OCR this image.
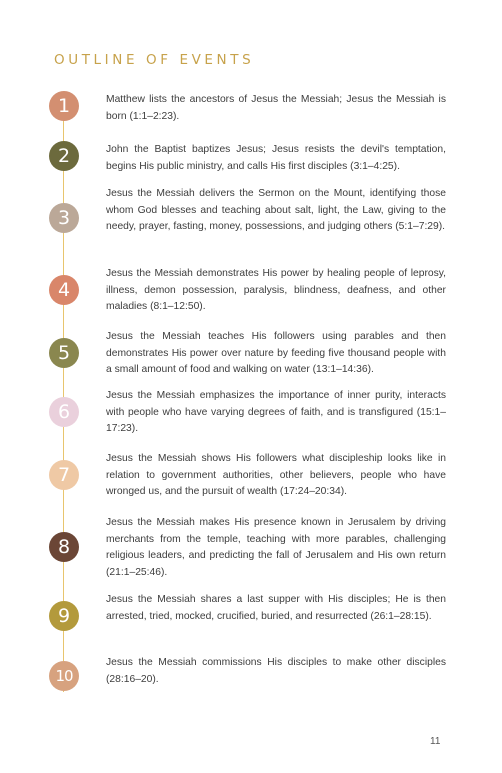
OUTLINE OF EVENTS
1	Matthew lists the ancestors of Jesus the Messiah; Jesus the Messiah is born (1:1–2:23).

2	John the Baptist baptizes Jesus; Jesus resists the devil's temptation, begins His public ministry, and calls His first disciples (3:1–4:25).

3

Jesus the Messiah delivers the Sermon on the Mount, identifying those whom God blesses and teaching about salt, light, the Law, giving to the needy, prayer, fasting, money, possessions, and judging others (5:1–7:29).

4

Jesus the Messiah demonstrates His power by healing people of leprosy, illness, demon possession, paralysis, blindness, deafness, and other maladies (8:1–12:50).

5

Jesus the Messiah teaches His followers using parables and then demonstrates His power over nature by feeding five thousand people with a small amount of food and walking on water (13:1–14:36).

6

Jesus the Messiah emphasizes the importance of inner purity, interacts with people who have varying degrees of faith, and is transfigured (15:1–17:23).

7

Jesus the Messiah shows His followers what discipleship looks like in relation to government authorities, other believers, people who have wronged us, and the pursuit of wealth (17:24–20:34).

8

Jesus the Messiah makes His presence known in Jerusalem by driving merchants from the temple, teaching with more parables, challenging religious leaders, and predicting the fall of Jerusalem and His own return (21:1–25:46).

9

Jesus the Messiah shares a last supper with His disciples; He is then arrested, tried, mocked, crucified, buried, and resurrected (26:1–28:15).

10

Jesus the Messiah commissions His disciples to make other disciples (28:16–20).

11
